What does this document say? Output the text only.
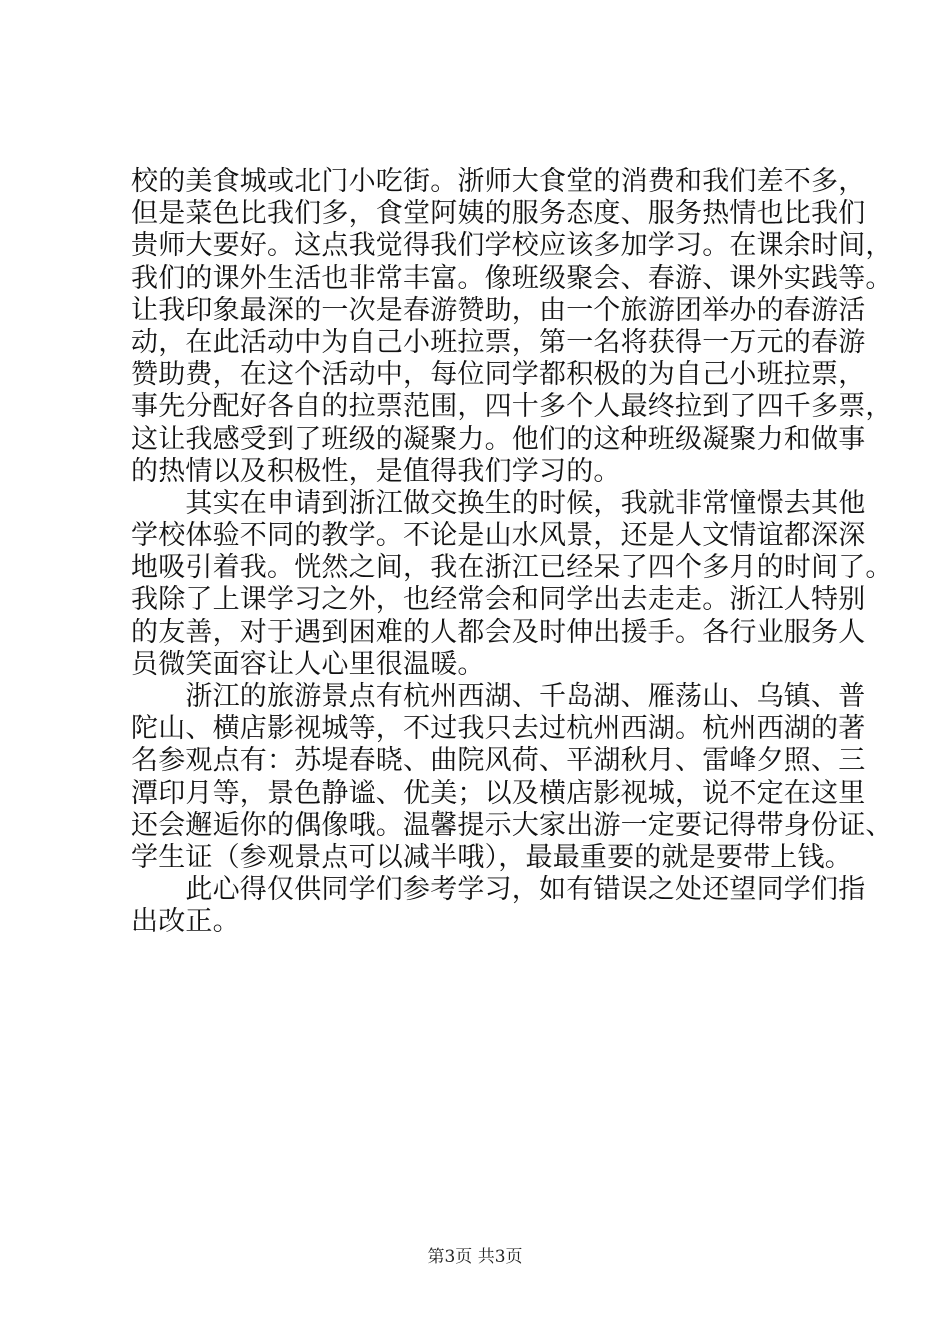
校的美食城或北门小吃街。浙师大食堂的消费和我们差不多，
但是菜色比我们多，食堂阿姨的服务态度、服务热情也比我们
贵师大要好。这点我觉得我们学校应该多加学习。在课余时间，
我们的课外生活也非常丰富。像班级聚会、春游、课外实践等。
让我印象最深的一次是春游赞助，由一个旅游团举办的春游活
动，在此活动中为自己小班拉票，第一名将获得一万元的春游
赞助费，在这个活动中，每位同学都积极的为自己小班拉票，
事先分配好各自的拉票范围，四十多个人最终拉到了四千多票，
这让我感受到了班级的凝聚力。他们的这种班级凝聚力和做事
的热情以及积极性，是值得我们学习的。
　　其实在申请到浙江做交换生的时候，我就非常憧憬去其他
学校体验不同的教学。不论是山水风景，还是人文情谊都深深
地吸引着我。恍然之间，我在浙江已经呆了四个多月的时间了。
我除了上课学习之外，也经常会和同学出去走走。浙江人特别
的友善，对于遇到困难的人都会及时伸出援手。各行业服务人
员微笑面容让人心里很温暖。
　　浙江的旅游景点有杭州西湖、千岛湖、雁荡山、乌镇、普
陀山、横店影视城等，不过我只去过杭州西湖。杭州西湖的著
名参观点有：苏堤春晓、曲院风荷、平湖秋月、雷峰夕照、三
潭印月等，景色静谧、优美；以及横店影视城，说不定在这里
还会邂逅你的偶像哦。温馨提示大家出游一定要记得带身份证、
学生证（参观景点可以减半哦），最最重要的就是要带上钱。
　　此心得仅供同学们参考学习，如有错误之处还望同学们指
出改正。
第3页 共3页
